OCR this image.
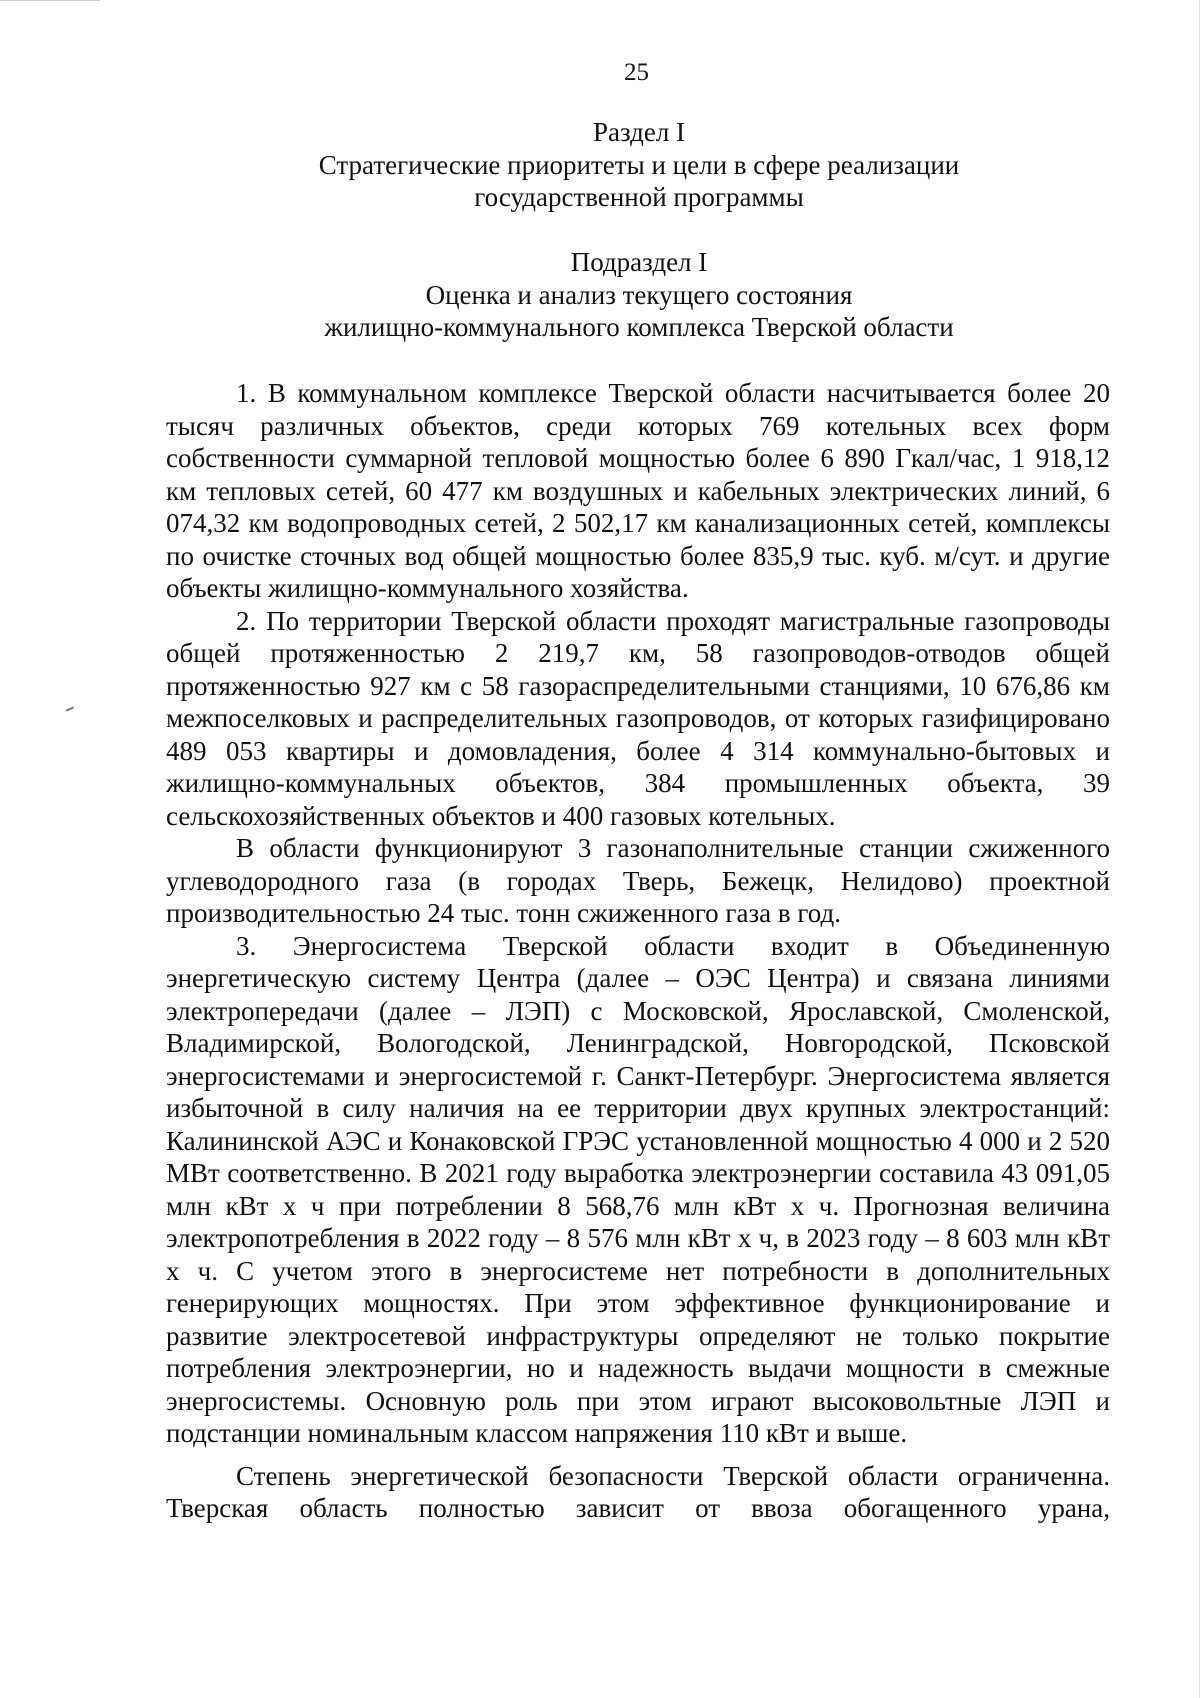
25
Раздел I
Стратегические приоритеты и цели в сфере реализации
государственной программы
Подраздел I
Оценка и анализ текущего состояния
жилищно-коммунального комплекса Тверской области

1. В коммунальном комплексе Тверской области насчитывается более 20 тысяч различных объектов, среди которых 769 котельных всех форм собственности суммарной тепловой мощностью более 6 890 Гкал/час, 1 918,12 км тепловых сетей, 60 477 км воздушных и кабельных электрических линий, 6 074,32 км водопроводных сетей, 2 502,17 км канализационных сетей, комплексы по очистке сточных вод общей мощностью более 835,9 тыс. куб. м/сут. и другие объекты жилищно-коммунального хозяйства.

2. По территории Тверской области проходят магистральные газопроводы общей протяженностью 2 219,7 км, 58 газопроводов-отводов общей протяженностью 927 км с 58 газораспределительными станциями, 10 676,86 км межпоселковых и распределительных газопроводов, от которых газифицировано 489 053 квартиры и домовладения, более 4 314 коммунально-бытовых и жилищно-коммунальных объектов, 384 промышленных объекта, 39 сельскохозяйственных объектов и 400 газовых котельных.

В области функционируют 3 газонаполнительные станции сжиженного углеводородного газа (в городах Тверь, Бежецк, Нелидово) проектной производительностью 24 тыс. тонн сжиженного газа в год.

3. Энергосистема Тверской области входит в Объединенную энергетическую систему Центра (далее – ОЭС Центра) и связана линиями электропередачи (далее – ЛЭП) с Московской, Ярославской, Смоленской, Владимирской, Вологодской, Ленинградской, Новгородской, Псковской энергосистемами и энергосистемой г. Санкт-Петербург. Энергосистема является избыточной в силу наличия на ее территории двух крупных электростанций: Калининской АЭС и Конаковской ГРЭС установленной мощностью 4 000 и 2 520 МВт соответственно. В 2021 году выработка электроэнергии составила 43 091,05 млн кВт х ч при потреблении 8 568,76 млн кВт х ч. Прогнозная величина электропотребления в 2022 году – 8 576 млн кВт х ч, в 2023 году – 8 603 млн кВт х ч. С учетом этого в энергосистеме нет потребности в дополнительных генерирующих мощностях. При этом эффективное функционирование и развитие электросетевой инфраструктуры определяют не только покрытие потребления электроэнергии, но и надежность выдачи мощности в смежные энергосистемы. Основную роль при этом играют высоковольтные ЛЭП и подстанции номинальным классом напряжения 110 кВт и выше.

Степень энергетической безопасности Тверской области ограниченна. Тверская область полностью зависит от ввоза обогащенного урана,
